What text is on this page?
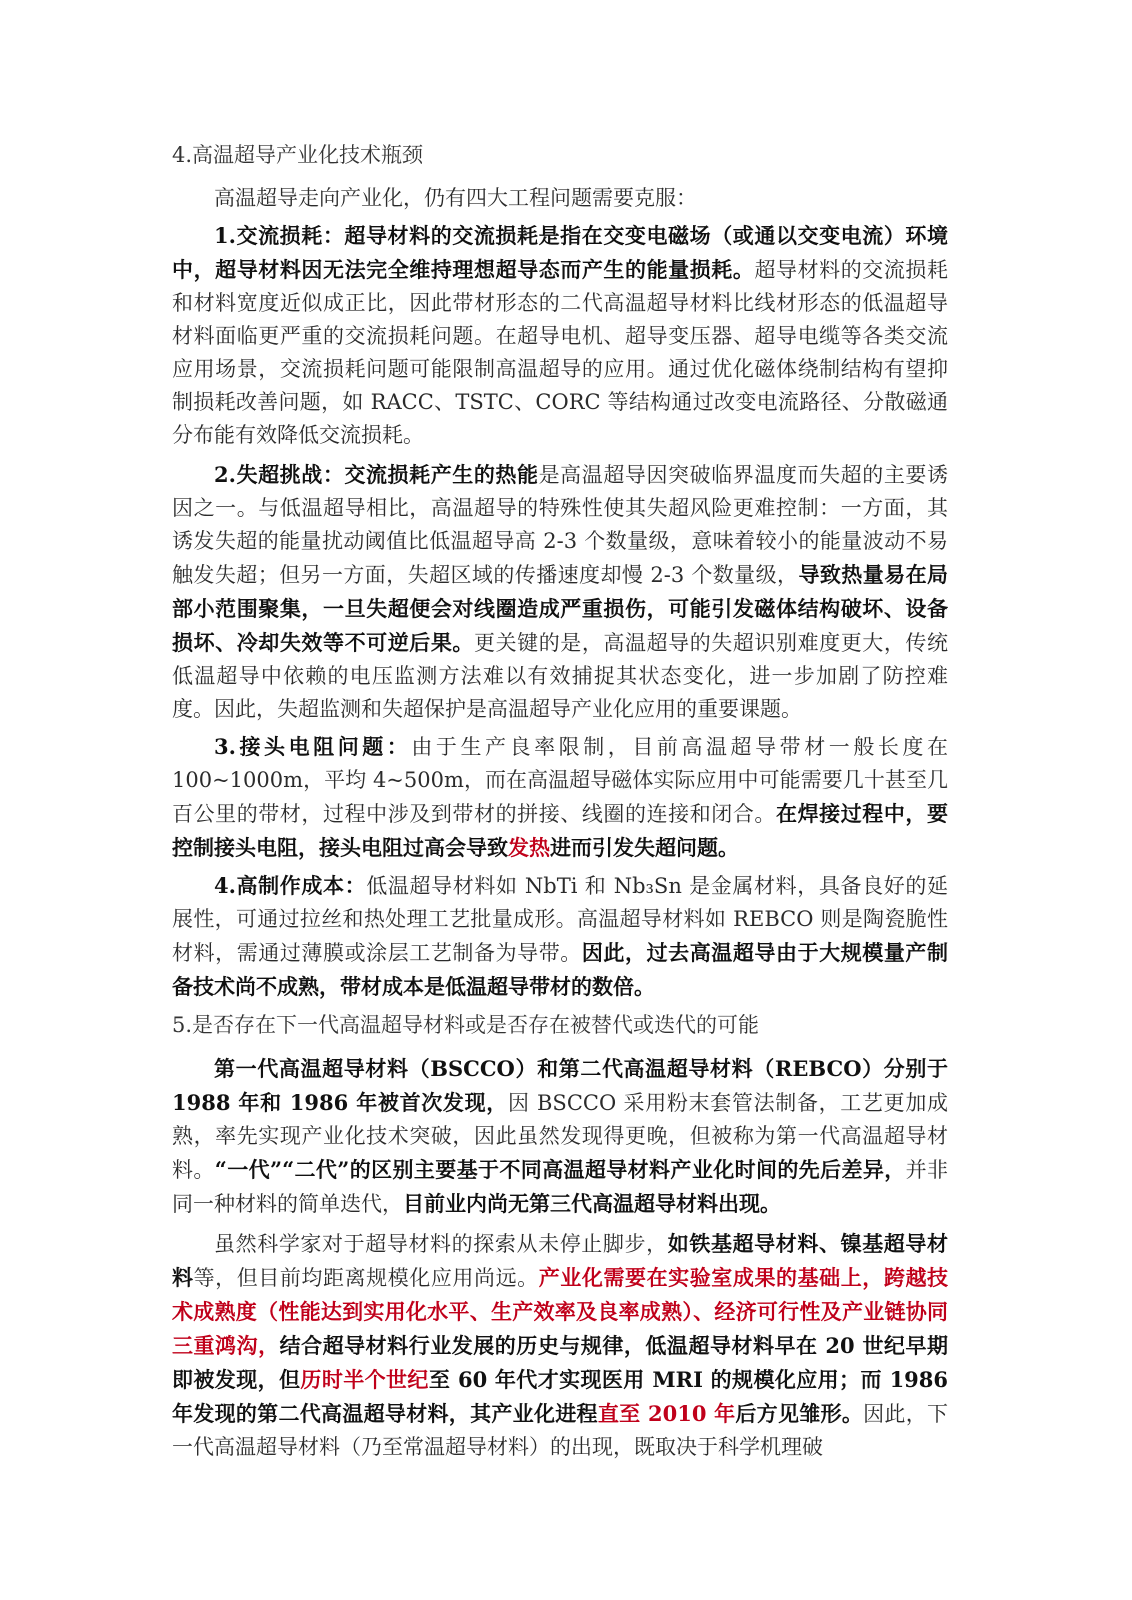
4.高温超导产业化技术瓶颈

高温超导走向产业化，仍有四大工程问题需要克服：

1.交流损耗：超导材料的交流损耗是指在交变电磁场（或通以交变电流）环境中，超导材料因无法完全维持理想超导态而产生的能量损耗。超导材料的交流损耗和材料宽度近似成正比，因此带材形态的二代高温超导材料比线材形态的低温超导材料面临更严重的交流损耗问题。在超导电机、超导变压器、超导电缆等各类交流应用场景，交流损耗问题可能限制高温超导的应用。通过优化磁体绕制结构有望抑制损耗改善问题，如 RACC、TSTC、CORC 等结构通过改变电流路径、分散磁通分布能有效降低交流损耗。

2.失超挑战：交流损耗产生的热能是高温超导因突破临界温度而失超的主要诱因之一。与低温超导相比，高温超导的特殊性使其失超风险更难控制：一方面，其诱发失超的能量扰动阈值比低温超导高 2-3 个数量级，意味着较小的能量波动不易触发失超；但另一方面，失超区域的传播速度却慢 2-3 个数量级，导致热量易在局部小范围聚集，一旦失超便会对线圈造成严重损伤，可能引发磁体结构破坏、设备损坏、冷却失效等不可逆后果。更关键的是，高温超导的失超识别难度更大，传统低温超导中依赖的电压监测方法难以有效捕捉其状态变化，进一步加剧了防控难度。因此，失超监测和失超保护是高温超导产业化应用的重要课题。

3.接头电阻问题：由于生产良率限制，目前高温超导带材一般长度在 100~1000m，平均 4~500m，而在高温超导磁体实际应用中可能需要几十甚至几百公里的带材，过程中涉及到带材的拼接、线圈的连接和闭合。在焊接过程中，要控制接头电阻，接头电阻过高会导致发热进而引发失超问题。

4.高制作成本：低温超导材料如 NbTi 和 Nb₃Sn 是金属材料，具备良好的延展性，可通过拉丝和热处理工艺批量成形。高温超导材料如 REBCO 则是陶瓷脆性材料，需通过薄膜或涂层工艺制备为导带。因此，过去高温超导由于大规模量产制备技术尚不成熟，带材成本是低温超导带材的数倍。

5.是否存在下一代高温超导材料或是否存在被替代或迭代的可能

第一代高温超导材料（BSCCO）和第二代高温超导材料（REBCO）分别于 1988 年和 1986 年被首次发现，因 BSCCO 采用粉末套管法制备，工艺更加成熟，率先实现产业化技术突破，因此虽然发现得更晚，但被称为第一代高温超导材料。“一代”“二代”的区别主要基于不同高温超导材料产业化时间的先后差异，并非同一种材料的简单迭代，目前业内尚无第三代高温超导材料出现。

虽然科学家对于超导材料的探索从未停止脚步，如铁基超导材料、镍基超导材料等，但目前均距离规模化应用尚远。产业化需要在实验室成果的基础上，跨越技术成熟度（性能达到实用化水平、生产效率及良率成熟）、经济可行性及产业链协同三重鸿沟，结合超导材料行业发展的历史与规律，低温超导材料早在 20 世纪早期即被发现，但历时半个世纪至 60 年代才实现医用 MRI 的规模化应用；而 1986 年发现的第二代高温超导材料，其产业化进程直至 2010 年后方见雏形。因此，下一代高温超导材料（乃至常温超导材料）的出现，既取决于科学机理破
